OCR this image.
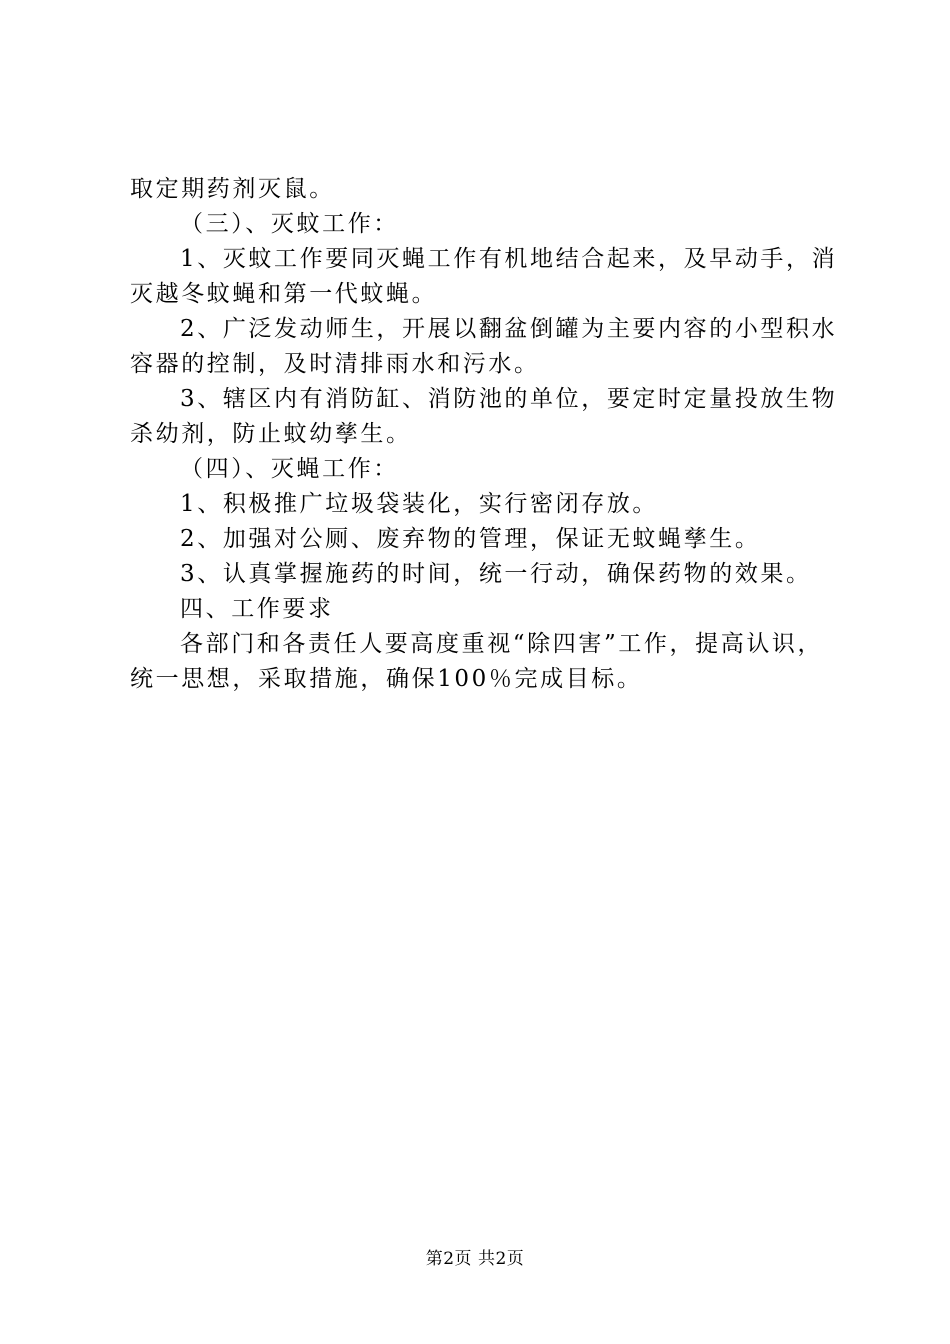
取定期药剂灭鼠。
（三）、灭蚊工作：
1、灭蚊工作要同灭蝇工作有机地结合起来，及早动手，消
灭越冬蚊蝇和第一代蚊蝇。
2、广泛发动师生，开展以翻盆倒罐为主要内容的小型积水
容器的控制，及时清排雨水和污水。
3、辖区内有消防缸、消防池的单位，要定时定量投放生物
杀幼剂，防止蚊幼孳生。
（四）、灭蝇工作：
1、积极推广垃圾袋装化，实行密闭存放。
2、加强对公厕、废弃物的管理，保证无蚊蝇孳生。
3、认真掌握施药的时间，统一行动，确保药物的效果。
四、工作要求
各部门和各责任人要高度重视“除四害”工作，提高认识，
统一思想，采取措施，确保100％完成目标。
第2页 共2页
